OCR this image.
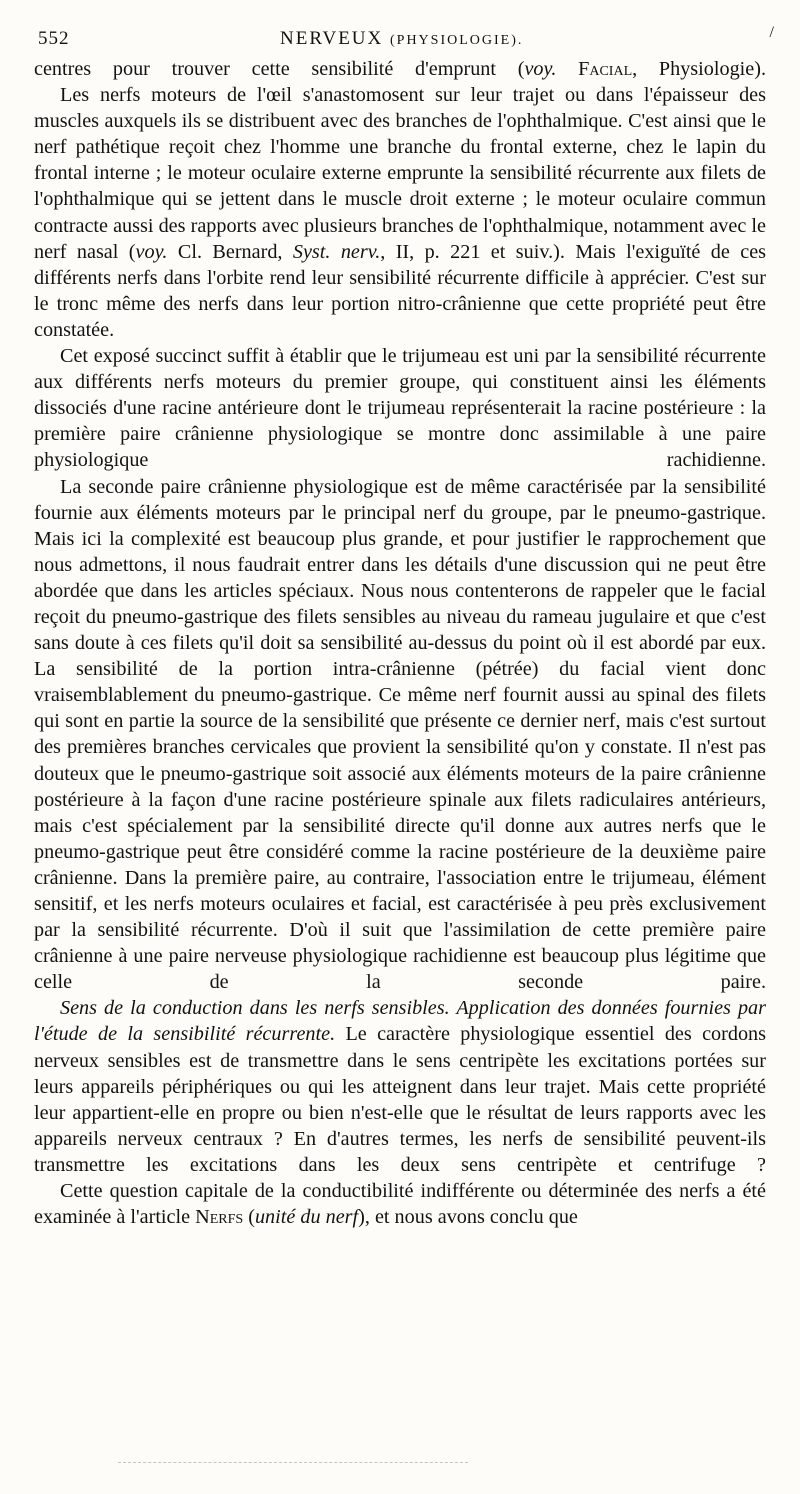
552	NERVEUX (PHYSIOLOGIE).	/

centres pour trouver cette sensibilité d'emprunt (voy. Facial, Physiologie).

Les nerfs moteurs de l'œil s'anastomosent sur leur trajet ou dans l'épaisseur des muscles auxquels ils se distribuent avec des branches de l'ophthalmique. C'est ainsi que le nerf pathétique reçoit chez l'homme une branche du frontal externe, chez le lapin du frontal interne ; le moteur oculaire externe emprunte la sensibilité récurrente aux filets de l'ophthalmique qui se jettent dans le muscle droit externe ; le moteur oculaire commun contracte aussi des rapports avec plusieurs branches de l'ophthalmique, notamment avec le nerf nasal (voy. Cl. Bernard, Syst. nerv., II, p. 221 et suiv.). Mais l'exiguïté de ces différents nerfs dans l'orbite rend leur sensibilité récurrente difficile à apprécier. C'est sur le tronc même des nerfs dans leur portion nitro-crânienne que cette propriété peut être constatée.

Cet exposé succinct suffit à établir que le trijumeau est uni par la sensibilité récurrente aux différents nerfs moteurs du premier groupe, qui constituent ainsi les éléments dissociés d'une racine antérieure dont le trijumeau représenterait la racine postérieure : la première paire crânienne physiologique se montre donc assimilable à une paire physiologique rachidienne.

La seconde paire crânienne physiologique est de même caractérisée par la sensibilité fournie aux éléments moteurs par le principal nerf du groupe, par le pneumo-gastrique. Mais ici la complexité est beaucoup plus grande, et pour justifier le rapprochement que nous admettons, il nous faudrait entrer dans les détails d'une discussion qui ne peut être abordée que dans les articles spéciaux. Nous nous contenterons de rappeler que le facial reçoit du pneumo-gastrique des filets sensibles au niveau du rameau jugulaire et que c'est sans doute à ces filets qu'il doit sa sensibilité au-dessus du point où il est abordé par eux. La sensibilité de la portion intra-crânienne (pétrée) du facial vient donc vraisemblablement du pneumo-gastrique. Ce même nerf fournit aussi au spinal des filets qui sont en partie la source de la sensibilité que présente ce dernier nerf, mais c'est surtout des premières branches cervicales que provient la sensibilité qu'on y constate. Il n'est pas douteux que le pneumo-gastrique soit associé aux éléments moteurs de la paire crânienne postérieure à la façon d'une racine postérieure spinale aux filets radiculaires antérieurs, mais c'est spécialement par la sensibilité directe qu'il donne aux autres nerfs que le pneumo-gastrique peut être considéré comme la racine postérieure de la deuxième paire crânienne. Dans la première paire, au contraire, l'association entre le trijumeau, élément sensitif, et les nerfs moteurs oculaires et facial, est caractérisée à peu près exclusivement par la sensibilité récurrente. D'où il suit que l'assimilation de cette première paire crânienne à une paire nerveuse physiologique rachidienne est beaucoup plus légitime que celle de la seconde paire.

Sens de la conduction dans les nerfs sensibles. Application des données fournies par l'étude de la sensibilité récurrente. Le caractère physiologique essentiel des cordons nerveux sensibles est de transmettre dans le sens centripète les excitations portées sur leurs appareils périphériques ou qui les atteignent dans leur trajet. Mais cette propriété leur appartient-elle en propre ou bien n'est-elle que le résultat de leurs rapports avec les appareils nerveux centraux ? En d'autres termes, les nerfs de sensibilité peuvent-ils transmettre les excitations dans les deux sens centripète et centrifuge ?

Cette question capitale de la conductibilité indifférente ou déterminée des nerfs a été examinée à l'article Nerfs (unité du nerf), et nous avons conclu que
